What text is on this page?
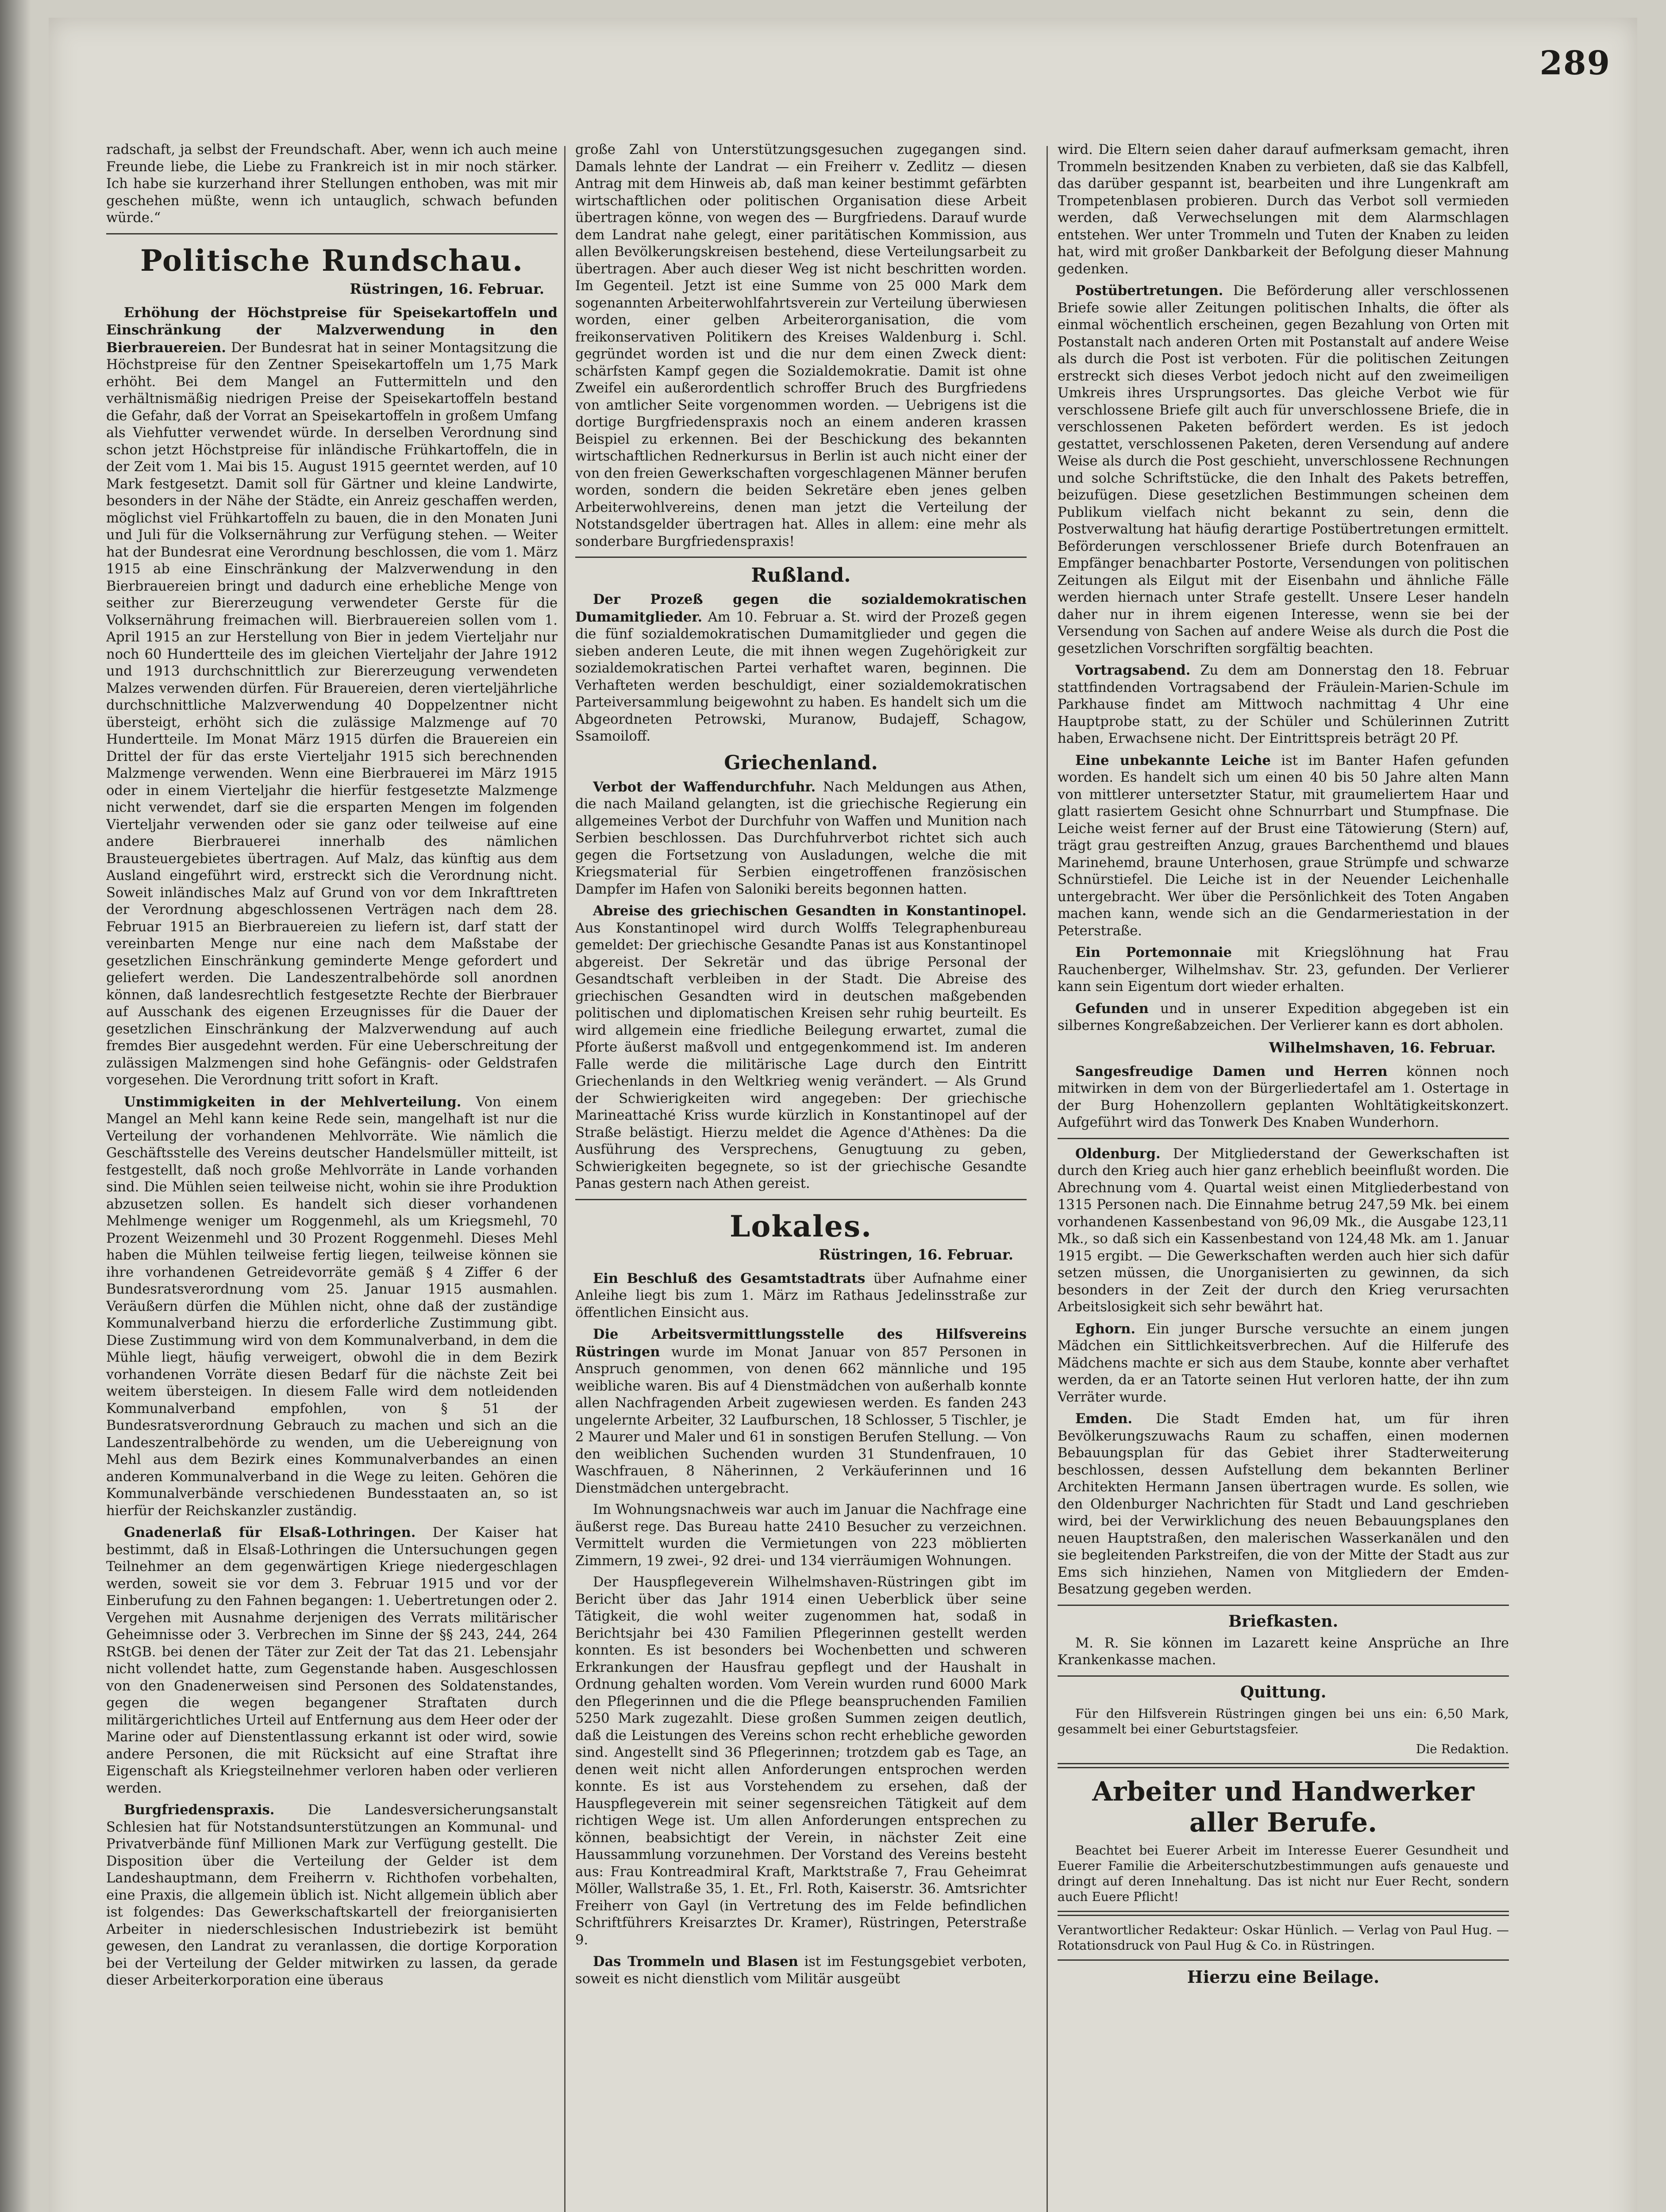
289

radschaft, ja selbst der Freundschaft. Aber, wenn ich auch meine Freunde liebe, die Liebe zu Frankreich ist in mir noch stärker. Ich habe sie kurzerhand ihrer Stellungen enthoben, was mit mir geschehen müßte, wenn ich untauglich, schwach befunden würde.“

Politische Rundschau.
Rüstringen, 16. Februar.

Erhöhung der Höchstpreise für Speisekartoffeln und Einschränkung der Malzverwendung in den Bierbrauereien. Der Bundesrat hat in seiner Montagsitzung die Höchstpreise für den Zentner Speisekartoffeln um 1,75 Mark erhöht. Bei dem Mangel an Futtermitteln und den verhältnismäßig niedrigen Preise der Speisekartoffeln bestand die Gefahr, daß der Vorrat an Speisekartoffeln in großem Umfang als Viehfutter verwendet würde. In derselben Verordnung sind schon jetzt Höchstpreise für inländische Frühkartoffeln, die in der Zeit vom 1. Mai bis 15. August 1915 geerntet werden, auf 10 Mark festgesetzt. Damit soll für Gärtner und kleine Landwirte, besonders in der Nähe der Städte, ein Anreiz geschaffen werden, möglichst viel Frühkartoffeln zu bauen, die in den Monaten Juni und Juli für die Volksernährung zur Verfügung stehen. — Weiter hat der Bundesrat eine Verordnung beschlossen, die vom 1. März 1915 ab eine Einschränkung der Malzverwendung in den Bierbrauereien bringt und dadurch eine erhebliche Menge von seither zur Biererzeugung verwendeter Gerste für die Volksernährung freimachen will. Bierbrauereien sollen vom 1. April 1915 an zur Herstellung von Bier in jedem Vierteljahr nur noch 60 Hundertteile des im gleichen Vierteljahr der Jahre 1912 und 1913 durchschnittlich zur Biererzeugung verwendeten Malzes verwenden dürfen. Für Brauereien, deren vierteljährliche durchschnittliche Malzverwendung 40 Doppelzentner nicht übersteigt, erhöht sich die zulässige Malzmenge auf 70 Hundertteile. Im Monat März 1915 dürfen die Brauereien ein Drittel der für das erste Vierteljahr 1915 sich berechnenden Malzmenge verwenden. Wenn eine Bierbrauerei im März 1915 oder in einem Vierteljahr die hierfür festgesetzte Malzmenge nicht verwendet, darf sie die ersparten Mengen im folgenden Vierteljahr verwenden oder sie ganz oder teilweise auf eine andere Bierbrauerei innerhalb des nämlichen Brausteuergebietes übertragen. Auf Malz, das künftig aus dem Ausland eingeführt wird, erstreckt sich die Verordnung nicht. Soweit inländisches Malz auf Grund von vor dem Inkrafttreten der Verordnung abgeschlossenen Verträgen nach dem 28. Februar 1915 an Bierbrauereien zu liefern ist, darf statt der vereinbarten Menge nur eine nach dem Maßstabe der gesetzlichen Einschränkung geminderte Menge gefordert und geliefert werden. Die Landeszentralbehörde soll anordnen können, daß landesrechtlich festgesetzte Rechte der Bierbrauer auf Ausschank des eigenen Erzeugnisses für die Dauer der gesetzlichen Einschränkung der Malzverwendung auf auch fremdes Bier ausgedehnt werden. Für eine Ueberschreitung der zulässigen Malzmengen sind hohe Gefängnis- oder Geldstrafen vorgesehen. Die Verordnung tritt sofort in Kraft.

Unstimmigkeiten in der Mehlverteilung. Von einem Mangel an Mehl kann keine Rede sein, mangelhaft ist nur die Verteilung der vorhandenen Mehlvorräte. Wie nämlich die Geschäftsstelle des Vereins deutscher Handelsmüller mitteilt, ist festgestellt, daß noch große Mehlvorräte in Lande vorhanden sind. Die Mühlen seien teilweise nicht, wohin sie ihre Produktion abzusetzen sollen. Es handelt sich dieser vorhandenen Mehlmenge weniger um Roggenmehl, als um Kriegsmehl, 70 Prozent Weizenmehl und 30 Prozent Roggenmehl. Dieses Mehl haben die Mühlen teilweise fertig liegen, teilweise können sie ihre vorhandenen Getreidevorräte gemäß § 4 Ziffer 6 der Bundesratsverordnung vom 25. Januar 1915 ausmahlen. Veräußern dürfen die Mühlen nicht, ohne daß der zuständige Kommunalverband hierzu die erforderliche Zustimmung gibt. Diese Zustimmung wird von dem Kommunalverband, in dem die Mühle liegt, häufig verweigert, obwohl die in dem Bezirk vorhandenen Vorräte diesen Bedarf für die nächste Zeit bei weitem übersteigen. In diesem Falle wird dem notleidenden Kommunalverband empfohlen, von § 51 der Bundesratsverordnung Gebrauch zu machen und sich an die Landeszentralbehörde zu wenden, um die Uebereignung von Mehl aus dem Bezirk eines Kommunalverbandes an einen anderen Kommunalverband in die Wege zu leiten. Gehören die Kommunalverbände verschiedenen Bundesstaaten an, so ist hierfür der Reichskanzler zuständig.

Gnadenerlaß für Elsaß-Lothringen. Der Kaiser hat bestimmt, daß in Elsaß-Lothringen die Untersuchungen gegen Teilnehmer an dem gegenwärtigen Kriege niedergeschlagen werden, soweit sie vor dem 3. Februar 1915 und vor der Einberufung zu den Fahnen begangen: 1. Uebertretungen oder 2. Vergehen mit Ausnahme derjenigen des Verrats militärischer Geheimnisse oder 3. Verbrechen im Sinne der §§ 243, 244, 264 RStGB. bei denen der Täter zur Zeit der Tat das 21. Lebensjahr nicht vollendet hatte, zum Gegenstande haben. Ausgeschlossen von den Gnadenerweisen sind Personen des Soldatenstandes, gegen die wegen begangener Straftaten durch militärgerichtliches Urteil auf Entfernung aus dem Heer oder der Marine oder auf Dienstentlassung erkannt ist oder wird, sowie andere Personen, die mit Rücksicht auf eine Straftat ihre Eigenschaft als Kriegsteilnehmer verloren haben oder verlieren werden.

Burgfriedenspraxis. Die Landesversicherungsanstalt Schlesien hat für Notstandsunterstützungen an Kommunal- und Privatverbände fünf Millionen Mark zur Verfügung gestellt. Die Disposition über die Verteilung der Gelder ist dem Landeshauptmann, dem Freiherrn v. Richthofen vorbehalten, eine Praxis, die allgemein üblich ist. Nicht allgemein üblich aber ist folgendes: Das Gewerkschaftskartell der freiorganisierten Arbeiter in niederschlesischen Industriebezirk ist bemüht gewesen, den Landrat zu veranlassen, die dortige Korporation bei der Verteilung der Gelder mitwirken zu lassen, da gerade dieser Arbeiterkorporation eine überaus

große Zahl von Unterstützungsgesuchen zugegangen sind. Damals lehnte der Landrat — ein Freiherr v. Zedlitz — diesen Antrag mit dem Hinweis ab, daß man keiner bestimmt gefärbten wirtschaftlichen oder politischen Organisation diese Arbeit übertragen könne, von wegen des — Burgfriedens. Darauf wurde dem Landrat nahe gelegt, einer paritätischen Kommission, aus allen Bevölkerungskreisen bestehend, diese Verteilungsarbeit zu übertragen. Aber auch dieser Weg ist nicht beschritten worden. Im Gegenteil. Jetzt ist eine Summe von 25 000 Mark dem sogenannten Arbeiterwohlfahrtsverein zur Verteilung überwiesen worden, einer gelben Arbeiterorganisation, die vom freikonservativen Politikern des Kreises Waldenburg i. Schl. gegründet worden ist und die nur dem einen Zweck dient: schärfsten Kampf gegen die Sozialdemokratie. Damit ist ohne Zweifel ein außerordentlich schroffer Bruch des Burgfriedens von amtlicher Seite vorgenommen worden. — Uebrigens ist die dortige Burgfriedenspraxis noch an einem anderen krassen Beispiel zu erkennen. Bei der Beschickung des bekannten wirtschaftlichen Rednerkursus in Berlin ist auch nicht einer der von den freien Gewerkschaften vorgeschlagenen Männer berufen worden, sondern die beiden Sekretäre eben jenes gelben Arbeiterwohlvereins, denen man jetzt die Verteilung der Notstandsgelder übertragen hat. Alles in allem: eine mehr als sonderbare Burgfriedenspraxis!

Rußland.

Der Prozeß gegen die sozialdemokratischen Dumamitglieder. Am 10. Februar a. St. wird der Prozeß gegen die fünf sozialdemokratischen Dumamitglieder und gegen die sieben anderen Leute, die mit ihnen wegen Zugehörigkeit zur sozialdemokratischen Partei verhaftet waren, beginnen. Die Verhafteten werden beschuldigt, einer sozialdemokratischen Parteiversammlung beigewohnt zu haben. Es handelt sich um die Abgeordneten Petrowski, Muranow, Budajeff, Schagow, Ssamoiloff.

Griechenland.

Verbot der Waffendurchfuhr. Nach Meldungen aus Athen, die nach Mailand gelangten, ist die griechische Regierung ein allgemeines Verbot der Durchfuhr von Waffen und Munition nach Serbien beschlossen. Das Durchfuhrverbot richtet sich auch gegen die Fortsetzung von Ausladungen, welche die mit Kriegsmaterial für Serbien eingetroffenen französischen Dampfer im Hafen von Saloniki bereits begonnen hatten.

Abreise des griechischen Gesandten in Konstantinopel. Aus Konstantinopel wird durch Wolffs Telegraphenbureau gemeldet: Der griechische Gesandte Panas ist aus Konstantinopel abgereist. Der Sekretär und das übrige Personal der Gesandtschaft verbleiben in der Stadt. Die Abreise des griechischen Gesandten wird in deutschen maßgebenden politischen und diplomatischen Kreisen sehr ruhig beurteilt. Es wird allgemein eine friedliche Beilegung erwartet, zumal die Pforte äußerst maßvoll und entgegenkommend ist. Im anderen Falle werde die militärische Lage durch den Eintritt Griechenlands in den Weltkrieg wenig verändert. — Als Grund der Schwierigkeiten wird angegeben: Der griechische Marineattaché Kriss wurde kürzlich in Konstantinopel auf der Straße belästigt. Hierzu meldet die Agence d'Athènes: Da die Ausführung des Versprechens, Genugtuung zu geben, Schwierigkeiten begegnete, so ist der griechische Gesandte Panas gestern nach Athen gereist.

Lokales.
Rüstringen, 16. Februar.

Ein Beschluß des Gesamtstadtrats über Aufnahme einer Anleihe liegt bis zum 1. März im Rathaus Jedelinsstraße zur öffentlichen Einsicht aus.

Die Arbeitsvermittlungsstelle des Hilfsvereins Rüstringen wurde im Monat Januar von 857 Personen in Anspruch genommen, von denen 662 männliche und 195 weibliche waren. Bis auf 4 Dienstmädchen von außerhalb konnte allen Nachfragenden Arbeit zugewiesen werden. Es fanden 243 ungelernte Arbeiter, 32 Laufburschen, 18 Schlosser, 5 Tischler, je 2 Maurer und Maler und 61 in sonstigen Berufen Stellung. — Von den weiblichen Suchenden wurden 31 Stundenfrauen, 10 Waschfrauen, 8 Näherinnen, 2 Verkäuferinnen und 16 Dienstmädchen untergebracht.

Im Wohnungsnachweis war auch im Januar die Nachfrage eine äußerst rege. Das Bureau hatte 2410 Besucher zu verzeichnen. Vermittelt wurden die Vermietungen von 223 möblierten Zimmern, 19 zwei-, 92 drei- und 134 vierräumigen Wohnungen.

Der Hauspflegeverein Wilhelmshaven-Rüstringen gibt im Bericht über das Jahr 1914 einen Ueberblick über seine Tätigkeit, die wohl weiter zugenommen hat, sodaß in Berichtsjahr bei 430 Familien Pflegerinnen gestellt werden konnten. Es ist besonders bei Wochenbetten und schweren Erkrankungen der Hausfrau gepflegt und der Haushalt in Ordnung gehalten worden. Vom Verein wurden rund 6000 Mark den Pflegerinnen und die die Pflege beanspruchenden Familien 5250 Mark zugezahlt. Diese großen Summen zeigen deutlich, daß die Leistungen des Vereins schon recht erhebliche geworden sind. Angestellt sind 36 Pflegerinnen; trotzdem gab es Tage, an denen weit nicht allen Anforderungen entsprochen werden konnte. Es ist aus Vorstehendem zu ersehen, daß der Hauspflegeverein mit seiner segensreichen Tätigkeit auf dem richtigen Wege ist. Um allen Anforderungen entsprechen zu können, beabsichtigt der Verein, in nächster Zeit eine Haussammlung vorzunehmen. Der Vorstand des Vereins besteht aus: Frau Kontreadmiral Kraft, Marktstraße 7, Frau Geheimrat Möller, Wallstraße 35, 1. Et., Frl. Roth, Kaiserstr. 36. Amtsrichter Freiherr von Gayl (in Vertretung des im Felde befindlichen Schriftführers Kreisarztes Dr. Kramer), Rüstringen, Peterstraße 9.

Das Trommeln und Blasen ist im Festungsgebiet verboten, soweit es nicht dienstlich vom Militär ausgeübt

wird. Die Eltern seien daher darauf aufmerksam gemacht, ihren Trommeln besitzenden Knaben zu verbieten, daß sie das Kalbfell, das darüber gespannt ist, bearbeiten und ihre Lungenkraft am Trompetenblasen probieren. Durch das Verbot soll vermieden werden, daß Verwechselungen mit dem Alarmschlagen entstehen. Wer unter Trommeln und Tuten der Knaben zu leiden hat, wird mit großer Dankbarkeit der Befolgung dieser Mahnung gedenken.

Postübertretungen. Die Beförderung aller verschlossenen Briefe sowie aller Zeitungen politischen Inhalts, die öfter als einmal wöchentlich erscheinen, gegen Bezahlung von Orten mit Postanstalt nach anderen Orten mit Postanstalt auf andere Weise als durch die Post ist verboten. Für die politischen Zeitungen erstreckt sich dieses Verbot jedoch nicht auf den zweimeiligen Umkreis ihres Ursprungsortes. Das gleiche Verbot wie für verschlossene Briefe gilt auch für unverschlossene Briefe, die in verschlossenen Paketen befördert werden. Es ist jedoch gestattet, verschlossenen Paketen, deren Versendung auf andere Weise als durch die Post geschieht, unverschlossene Rechnungen und solche Schriftstücke, die den Inhalt des Pakets betreffen, beizufügen. Diese gesetzlichen Bestimmungen scheinen dem Publikum vielfach nicht bekannt zu sein, denn die Postverwaltung hat häufig derartige Postübertretungen ermittelt. Beförderungen verschlossener Briefe durch Botenfrauen an Empfänger benachbarter Postorte, Versendungen von politischen Zeitungen als Eilgut mit der Eisenbahn und ähnliche Fälle werden hiernach unter Strafe gestellt. Unsere Leser handeln daher nur in ihrem eigenen Interesse, wenn sie bei der Versendung von Sachen auf andere Weise als durch die Post die gesetzlichen Vorschriften sorgfältig beachten.

Vortragsabend. Zu dem am Donnerstag den 18. Februar stattfindenden Vortragsabend der Fräulein-Marien-Schule im Parkhause findet am Mittwoch nachmittag 4 Uhr eine Hauptprobe statt, zu der Schüler und Schülerinnen Zutritt haben, Erwachsene nicht. Der Eintrittspreis beträgt 20 Pf.

Eine unbekannte Leiche ist im Banter Hafen gefunden worden. Es handelt sich um einen 40 bis 50 Jahre alten Mann von mittlerer untersetzter Statur, mit graumeliertem Haar und glatt rasiertem Gesicht ohne Schnurrbart und Stumpfnase. Die Leiche weist ferner auf der Brust eine Tätowierung (Stern) auf, trägt grau gestreiften Anzug, graues Barchenthemd und blaues Marinehemd, braune Unterhosen, graue Strümpfe und schwarze Schnürstiefel. Die Leiche ist in der Neuender Leichenhalle untergebracht. Wer über die Persönlichkeit des Toten Angaben machen kann, wende sich an die Gendarmeriestation in der Peterstraße.

Ein Portemonnaie mit Kriegslöhnung hat Frau Rauchenberger, Wilhelmshav. Str. 23, gefunden. Der Verlierer kann sein Eigentum dort wieder erhalten.

Gefunden und in unserer Expedition abgegeben ist ein silbernes Kongreßabzeichen. Der Verlierer kann es dort abholen.

Wilhelmshaven, 16. Februar.

Sangesfreudige Damen und Herren können noch mitwirken in dem von der Bürgerliedertafel am 1. Ostertage in der Burg Hohenzollern geplanten Wohltätigkeitskonzert. Aufgeführt wird das Tonwerk Des Knaben Wunderhorn.

Oldenburg. Der Mitgliederstand der Gewerkschaften ist durch den Krieg auch hier ganz erheblich beeinflußt worden. Die Abrechnung vom 4. Quartal weist einen Mitgliederbestand von 1315 Personen nach. Die Einnahme betrug 247,59 Mk. bei einem vorhandenen Kassenbestand von 96,09 Mk., die Ausgabe 123,11 Mk., so daß sich ein Kassenbestand von 124,48 Mk. am 1. Januar 1915 ergibt. — Die Gewerkschaften werden auch hier sich dafür setzen müssen, die Unorganisierten zu gewinnen, da sich besonders in der Zeit der durch den Krieg verursachten Arbeitslosigkeit sich sehr bewährt hat.

Eghorn. Ein junger Bursche versuchte an einem jungen Mädchen ein Sittlichkeitsverbrechen. Auf die Hilferufe des Mädchens machte er sich aus dem Staube, konnte aber verhaftet werden, da er an Tatorte seinen Hut verloren hatte, der ihn zum Verräter wurde.

Emden. Die Stadt Emden hat, um für ihren Bevölkerungszuwachs Raum zu schaffen, einen modernen Bebauungsplan für das Gebiet ihrer Stadterweiterung beschlossen, dessen Aufstellung dem bekannten Berliner Architekten Hermann Jansen übertragen wurde. Es sollen, wie den Oldenburger Nachrichten für Stadt und Land geschrieben wird, bei der Verwirklichung des neuen Bebauungsplanes den neuen Hauptstraßen, den malerischen Wasserkanälen und den sie begleitenden Parkstreifen, die von der Mitte der Stadt aus zur Ems sich hinziehen, Namen von Mitgliedern der Emden-Besatzung gegeben werden.

Briefkasten.

M. R. Sie können im Lazarett keine Ansprüche an Ihre Krankenkasse machen.

Quittung.

Für den Hilfsverein Rüstringen gingen bei uns ein: 6,50 Mark, gesammelt bei einer Geburtstagsfeier.

Die Redaktion.

Arbeiter und Handwerker aller Berufe.

Beachtet bei Euerer Arbeit im Interesse Euerer Gesundheit und Euerer Familie die Arbeiterschutzbestimmungen aufs genaueste und dringt auf deren Innehaltung. Das ist nicht nur Euer Recht, sondern auch Euere Pflicht!

Verantwortlicher Redakteur: Oskar Hünlich. — Verlag von Paul Hug. — Rotationsdruck von Paul Hug & Co. in Rüstringen.

Hierzu eine Beilage.
